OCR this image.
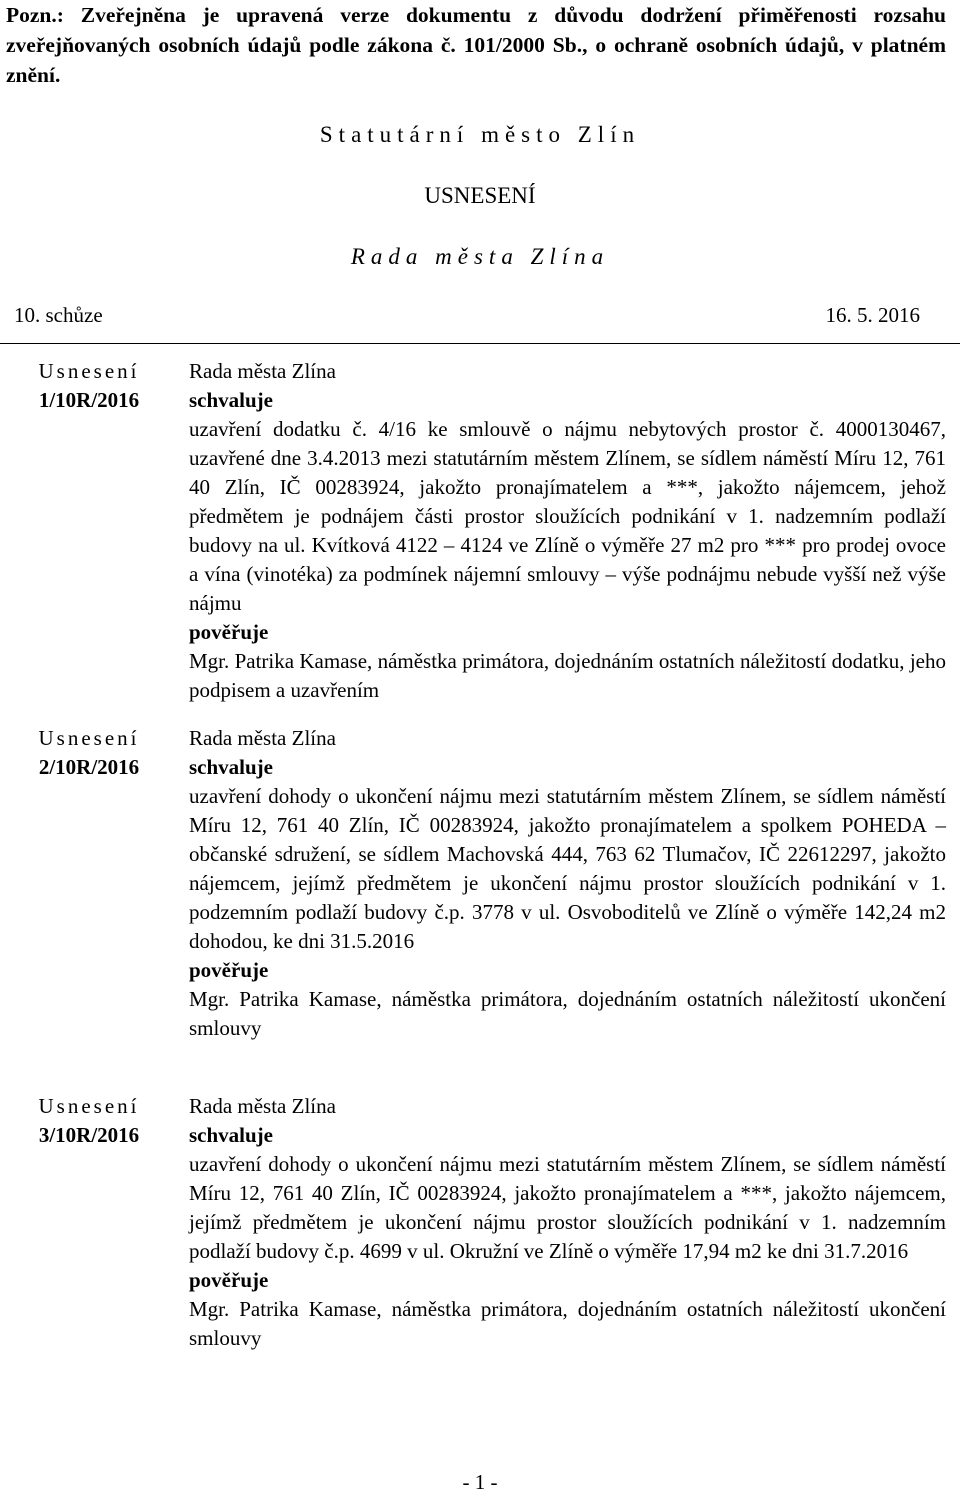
Pozn.: Zveřejněna je upravená verze dokumentu z důvodu dodržení přiměřenosti rozsahu zveřejňovaných osobních údajů podle zákona č. 101/2000 Sb., o ochraně osobních údajů, v platném znění.
Statutární město Zlín
USNESENÍ
Rada města Zlína
10. schůze	16. 5. 2016
Usnesení
1/10R/2016

Rada města Zlína

schvaluje

uzavření dodatku č. 4/16 ke smlouvě o nájmu nebytových prostor č. 4000130467, uzavřené dne 3.4.2013 mezi statutárním městem Zlínem, se sídlem náměstí Míru 12, 761 40 Zlín, IČ 00283924, jakožto pronajímatelem a ***, jakožto nájemcem, jehož předmětem je podnájem části prostor sloužících podnikání v 1. nadzemním podlaží budovy na ul. Kvítková 4122 – 4124 ve Zlíně o výměře 27 m2 pro *** pro prodej ovoce a vína (vinotéka) za podmínek nájemní smlouvy – výše podnájmu nebude vyšší než výše nájmu

pověřuje

Mgr. Patrika Kamase, náměstka primátora, dojednáním ostatních náležitostí dodatku, jeho podpisem a uzavřením

Usnesení
2/10R/2016

Rada města Zlína

schvaluje

uzavření dohody o ukončení nájmu mezi statutárním městem Zlínem, se sídlem náměstí Míru 12, 761 40 Zlín, IČ 00283924, jakožto pronajímatelem a spolkem POHEDA – občanské sdružení, se sídlem Machovská 444, 763 62 Tlumačov, IČ 22612297, jakožto nájemcem, jejímž předmětem je ukončení nájmu prostor sloužících podnikání v 1. podzemním podlaží budovy č.p. 3778 v ul. Osvoboditelů ve Zlíně o výměře 142,24 m2 dohodou, ke dni 31.5.2016

pověřuje

Mgr. Patrika Kamase, náměstka primátora, dojednáním ostatních náležitostí ukončení smlouvy

Usnesení
3/10R/2016

Rada města Zlína

schvaluje

uzavření dohody o ukončení nájmu mezi statutárním městem Zlínem, se sídlem náměstí Míru 12, 761 40 Zlín, IČ 00283924, jakožto pronajímatelem a ***, jakožto nájemcem, jejímž předmětem je ukončení nájmu prostor sloužících podnikání v 1. nadzemním podlaží budovy č.p. 4699 v ul. Okružní ve Zlíně o výměře 17,94 m2 ke dni 31.7.2016

pověřuje

Mgr. Patrika Kamase, náměstka primátora, dojednáním ostatních náležitostí ukončení smlouvy

- 1 -
